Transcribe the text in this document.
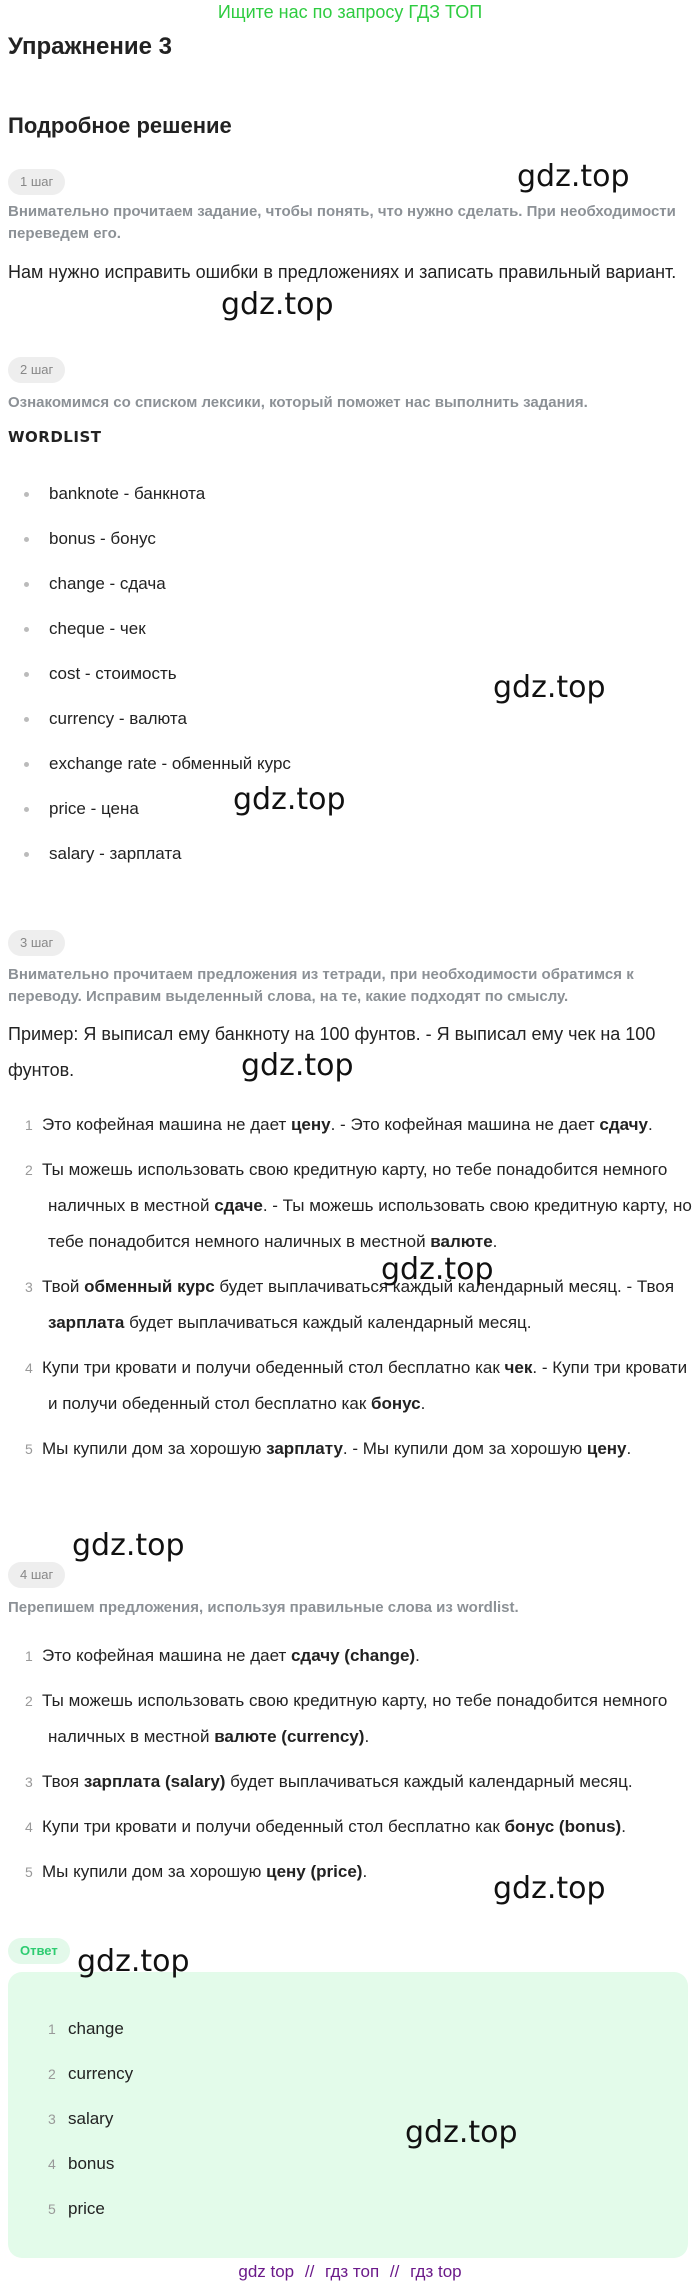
Ищите нас по запросу ГДЗ ТОП
Упражнение 3
Подробное решение
1 шаг
Внимательно прочитаем задание, чтобы понять, что нужно сделать. При необходимости переведем его.
Нам нужно исправить ошибки в предложениях и записать правильный вариант.
2 шаг
Ознакомимся со списком лексики, который поможет нас выполнить задания.
WORDLIST
banknote - банкнота
bonus - бонус
change - сдача
cheque - чек
cost - стоимость
currency - валюта
exchange rate - обменный курс
price - цена
salary - зарплата
3 шаг
Внимательно прочитаем предложения из тетради, при необходимости обратимся к переводу. Исправим выделенный слова, на те, какие подходят по смыслу.
Пример: Я выписал ему банкноту на 100 фунтов. - Я выписал ему чек на 100 фунтов.
1 Это кофейная машина не дает цену. - Это кофейная машина не дает сдачу.
2 Ты можешь использовать свою кредитную карту, но тебе понадобится немного наличных в местной сдаче. - Ты можешь использовать свою кредитную карту, но тебе понадобится немного наличных в местной валюте.
3 Твой обменный курс будет выплачиваться каждый календарный месяц. - Твоя зарплата будет выплачиваться каждый календарный месяц.
4 Купи три кровати и получи обеденный стол бесплатно как чек. - Купи три кровати и получи обеденный стол бесплатно как бонус.
5 Мы купили дом за хорошую зарплату. - Мы купили дом за хорошую цену.
4 шаг
Перепишем предложения, используя правильные слова из wordlist.
1 Это кофейная машина не дает сдачу (change).
2 Ты можешь использовать свою кредитную карту, но тебе понадобится немного наличных в местной валюте (currency).
3 Твоя зарплата (salary) будет выплачиваться каждый календарный месяц.
4 Купи три кровати и получи обеденный стол бесплатно как бонус (bonus).
5 Мы купили дом за хорошую цену (price).
Ответ
1 change
2 currency
3 salary
4 bonus
5 price
gdz.top
gdz.top
gdz.top
gdz.top
gdz.top
gdz.top
gdz.top
gdz.top
gdz.top
gdz.top
gdz top // гдз топ // гдз top
